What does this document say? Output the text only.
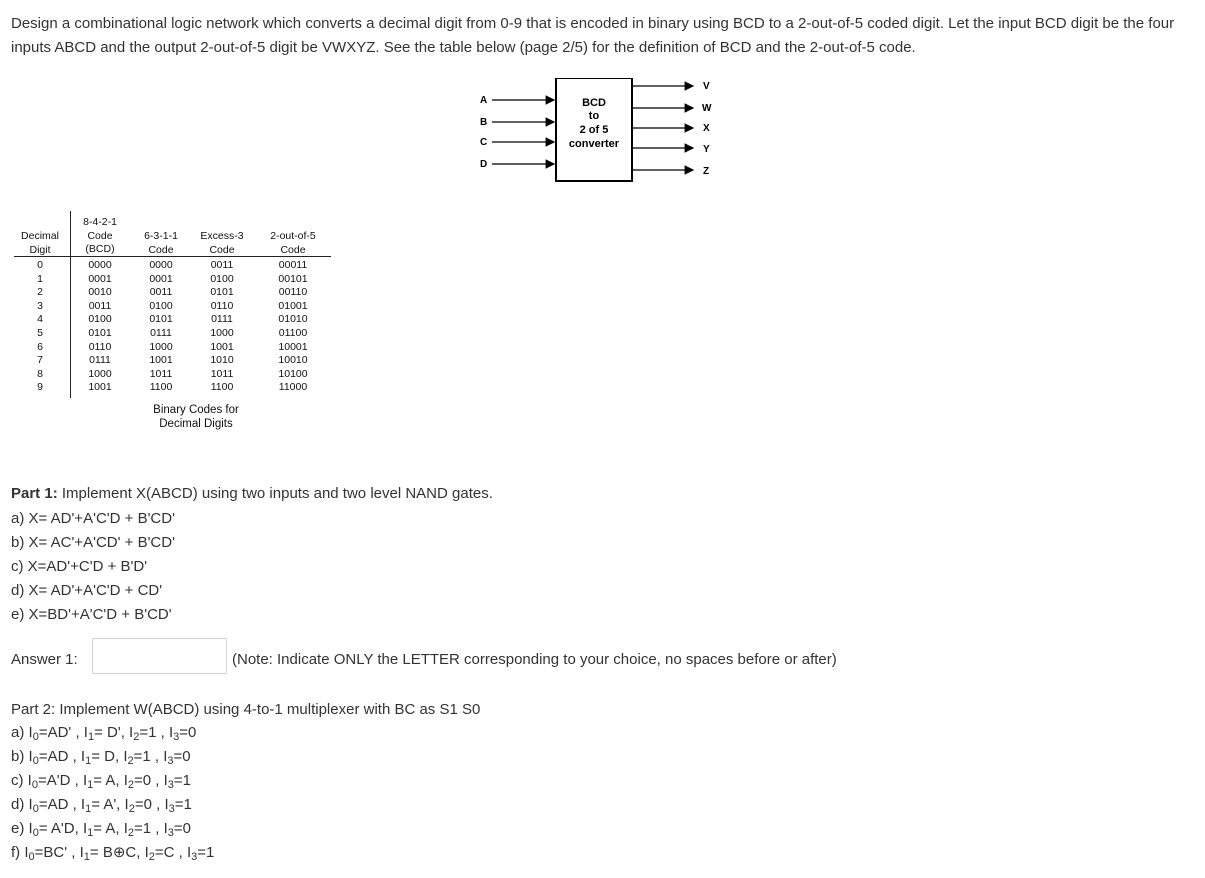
Design a combinational logic network which converts a decimal digit from 0-9 that is encoded in binary using BCD to a 2-out-of-5 coded digit. Let the input BCD digit be the four inputs ABCD and the output 2-out-of-5 digit be VWXYZ. See the table below (page 2/5) for the definition of BCD and the 2-out-of-5 code.
BCD
to
2 of 5
converter
A
B
C
D
V
W
X
Y
Z
Decimal
Digit
8-4-2-1
Code
(BCD)
6-3-1-1
Code
Excess-3
Code
2-out-of-5
Code
0
1
2
3
4
5
6
7
8
9
0000
0001
0010
0011
0100
0101
0110
0111
1000
1001
0000
0001
0011
0100
0101
0111
1000
1001
1011
1100
0011
0100
0101
0110
0111
1000
1001
1010
1011
1100
00011
00101
00110
01001
01010
01100
10001
10010
10100
11000
Binary Codes for
Decimal Digits
Part 1: Implement X(ABCD) using two inputs and two level NAND gates.
a) X= AD'+A'C'D + B'CD'
b) X= AC'+A'CD' + B'CD'
c) X=AD'+C'D + B'D'
d) X= AD'+A'C'D + CD'
e) X=BD'+A'C'D + B'CD'
Answer 1:	(Note: Indicate ONLY the LETTER corresponding to your choice, no spaces before or after)
Part 2: Implement W(ABCD) using 4-to-1 multiplexer with BC as S1 S0
a) $I_0=AD'$ , $I_1= D'$, $I_2=1$ , $I_3=0$
b) $I_0=AD$ , $I_1= D$, $I_2=1$ , $I_3=0$
c) $I_0=A'D$ , $I_1= A$, $I_2=0$ , $I_3=1$
d) $I_0=AD$ , $I_1= A'$, $I_2=0$ , $I_3=1$
e) $I_0= A'D$, $I_1= A$, $I_2=1$ , $I_3=0$
f) $I_0=BC'$ , $I_1=$ B⊕C, $I_2=C$ , $I_3=1$
